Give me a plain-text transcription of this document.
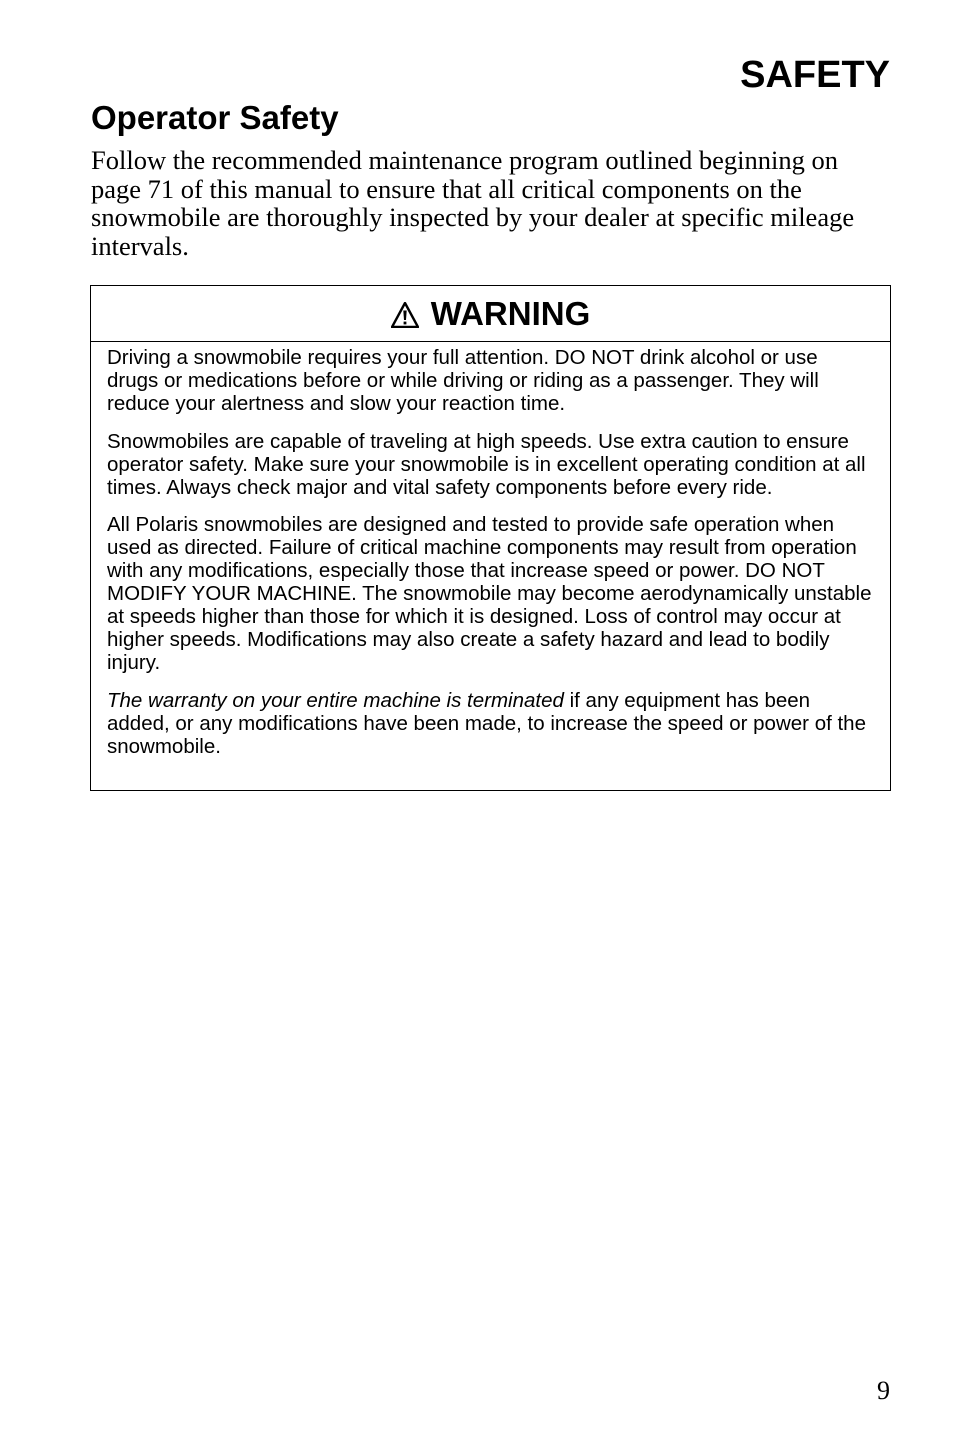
SAFETY
Operator Safety

Follow the recommended maintenance program outlined beginning on page 71 of this manual to ensure that all critical components on the snowmobile are thoroughly inspected by your dealer at specific mileage intervals.

WARNING

Driving a snowmobile requires your full attention. DO NOT drink alcohol or use drugs or medications before or while driving or riding as a passenger. They will reduce your alertness and slow your reaction time.

Snowmobiles are capable of traveling at high speeds. Use extra caution to ensure operator safety. Make sure your snowmobile is in excellent operating condition at all times. Always check major and vital safety components before every ride.

All Polaris snowmobiles are designed and tested to provide safe operation when used as directed. Failure of critical machine components may result from operation with any modifications, especially those that increase speed or power. DO NOT MODIFY YOUR MACHINE. The snowmobile may become aerodynamically unstable at speeds higher than those for which it is designed. Loss of control may occur at higher speeds. Modifications may also create a safety hazard and lead to bodily injury.

The warranty on your entire machine is terminated if any equipment has been added, or any modifications have been made, to increase the speed or power of the snowmobile.

9
